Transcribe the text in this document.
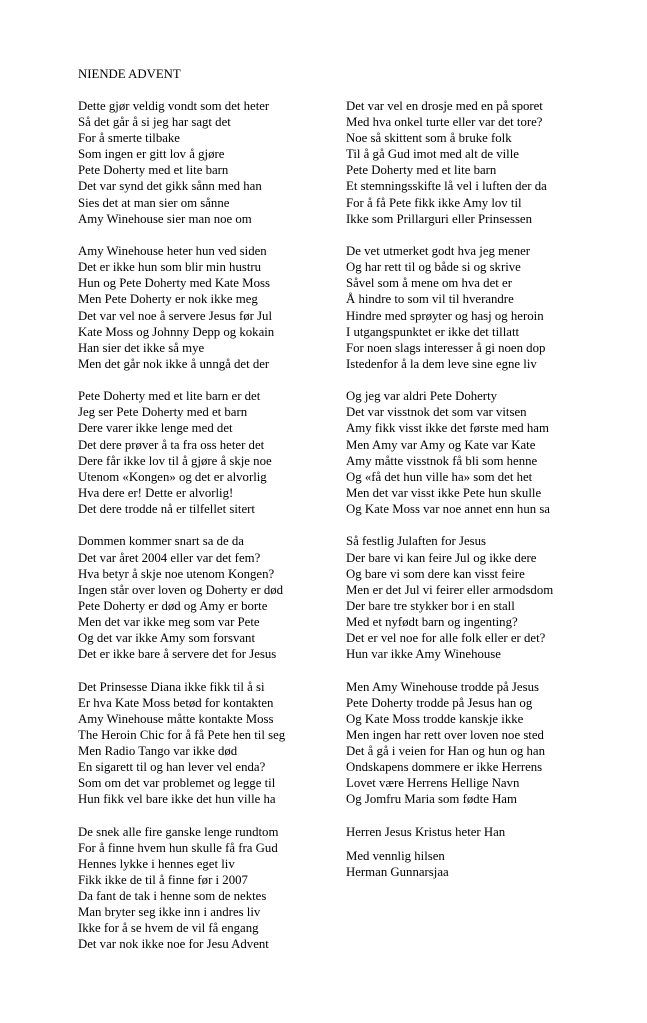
NIENDE ADVENT
Dette gjør veldig vondt som det heter
Så det går å si jeg har sagt det
For å smerte tilbake
Som ingen er gitt lov å gjøre
Pete Doherty med et lite barn
Det var synd det gikk sånn med han
Sies det at man sier om sånne
Amy Winehouse sier man noe om
Amy Winehouse heter hun ved siden
Det er ikke hun som blir min hustru
Hun og Pete Doherty med Kate Moss
Men Pete Doherty er nok ikke meg
Det var vel noe å servere Jesus før Jul
Kate Moss og Johnny Depp og kokain
Han sier det ikke så mye
Men det går nok ikke å unngå det der
Pete Doherty med et lite barn er det
Jeg ser Pete Doherty med et barn
Dere varer ikke lenge med det
Det dere prøver å ta fra oss heter det
Dere får ikke lov til å gjøre å skje noe
Utenom «Kongen» og det er alvorlig
Hva dere er! Dette er alvorlig!
Det dere trodde nå er tilfellet sitert
Dommen kommer snart sa de da
Det var året 2004 eller var det fem?
Hva betyr å skje noe utenom Kongen?
Ingen står over loven og Doherty er død
Pete Doherty er død og Amy er borte
Men det var ikke meg som var Pete
Og det var ikke Amy som forsvant
Det er ikke bare å servere det for Jesus
Det Prinsesse Diana ikke fikk til å si
Er hva Kate Moss betød for kontakten
Amy Winehouse måtte kontakte Moss
The Heroin Chic for å få Pete hen til seg
Men Radio Tango var ikke død
En sigarett til og han lever vel enda?
Som om det var problemet og legge til
Hun fikk vel bare ikke det hun ville ha
De snek alle fire ganske lenge rundtom
For å finne hvem hun skulle få fra Gud
Hennes lykke i hennes eget liv
Fikk ikke de til å finne før i 2007
Da fant de tak i henne som de nektes
Man bryter seg ikke inn i andres liv
Ikke for å se hvem de vil få engang
Det var nok ikke noe for Jesu Advent
Det var vel en drosje med en på sporet
Med hva onkel turte eller var det tore?
Noe så skittent som å bruke folk
Til å gå Gud imot med alt de ville
Pete Doherty med et lite barn
Et stemningsskifte lå vel i luften der da
For å få Pete fikk ikke Amy lov til
Ikke som Prillarguri eller Prinsessen
De vet utmerket godt hva jeg mener
Og har rett til og både si og skrive
Såvel som å mene om hva det er
Å hindre to som vil til hverandre
Hindre med sprøyter og hasj og heroin
I utgangspunktet er ikke det tillatt
For noen slags interesser å gi noen dop
Istedenfor å la dem leve sine egne liv
Og jeg var aldri Pete Doherty
Det var visstnok det som var vitsen
Amy fikk visst ikke det første med ham
Men Amy var Amy og Kate var Kate
Amy måtte visstnok få bli som henne
Og «få det hun ville ha» som det het
Men det var visst ikke Pete hun skulle
Og Kate Moss var noe annet enn hun sa
Så festlig Julaften for Jesus
Der bare vi kan feire Jul og ikke dere
Og bare vi som dere kan visst feire
Men er det Jul vi feirer eller armodsdom
Der bare tre stykker bor i en stall
Med et nyfødt barn og ingenting?
Det er vel noe for alle folk eller er det?
Hun var ikke Amy Winehouse
Men Amy Winehouse trodde på Jesus
Pete Doherty trodde på Jesus han og
Og Kate Moss trodde kanskje ikke
Men ingen har rett over loven noe sted
Det å gå i veien for Han og hun og han
Ondskapens dommere er ikke Herrens
Lovet være Herrens Hellige Navn
Og Jomfru Maria som fødte Ham
Herren Jesus Kristus heter Han
Med vennlig hilsen
Herman Gunnarsjaa
